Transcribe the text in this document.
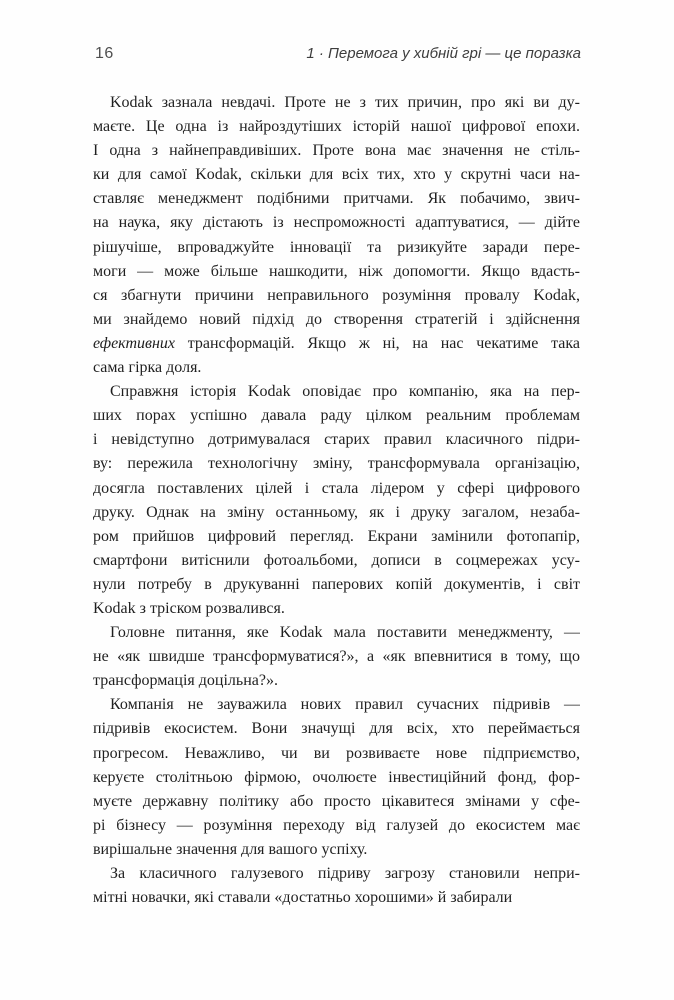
16	1 · Перемога у хибній грі — це поразка
Kodak зазнала невдачі. Проте не з тих причин, про які ви ду-
маєте. Це одна із найроздутіших історій нашої цифрової епохи.
І одна з найнеправдивіших. Проте вона має значення не стіль-
ки для самої Kodak, скільки для всіх тих, хто у скрутні часи на-
ставляє менеджмент подібними притчами. Як побачимо, звич-
на наука, яку дістають із неспроможності адаптуватися, — дійте
рішучіше, впроваджуйте інновації та ризикуйте заради пере-
моги — може більше нашкодити, ніж допомогти. Якщо вдасть-
ся збагнути причини неправильного розуміння провалу Kodak,
ми знайдемо новий підхід до створення стратегій і здійснення
ефективних трансформацій. Якщо ж ні, на нас чекатиме така
сама гірка доля.
Справжня історія Kodak оповідає про компанію, яка на пер-
ших порах успішно давала раду цілком реальним проблемам
і невідступно дотримувалася старих правил класичного підри-
ву: пережила технологічну зміну, трансформувала організацію,
досягла поставлених цілей і стала лідером у сфері цифрового
друку. Однак на зміну останньому, як і друку загалом, незаба-
ром прийшов цифровий перегляд. Екрани замінили фотопапір,
смартфони витіснили фотоальбоми, дописи в соцмережах усу-
нули потребу в друкуванні паперових копій документів, і світ
Kodak з тріском розвалився.
Головне питання, яке Kodak мала поставити менеджменту, —
не «як швидше трансформуватися?», а «як впевнитися в тому, що
трансформація доцільна?».
Компанія не зауважила нових правил сучасних підривів —
підривів екосистем. Вони значущі для всіх, хто переймається
прогресом. Неважливо, чи ви розвиваєте нове підприємство,
керуєте столітньою фірмою, очолюєте інвестиційний фонд, фор-
муєте державну політику або просто цікавитеся змінами у сфе-
рі бізнесу — розуміння переходу від галузей до екосистем має
вирішальне значення для вашого успіху.
За класичного галузевого підриву загрозу становили непри-
мітні новачки, які ставали «достатньо хорошими» й забирали
